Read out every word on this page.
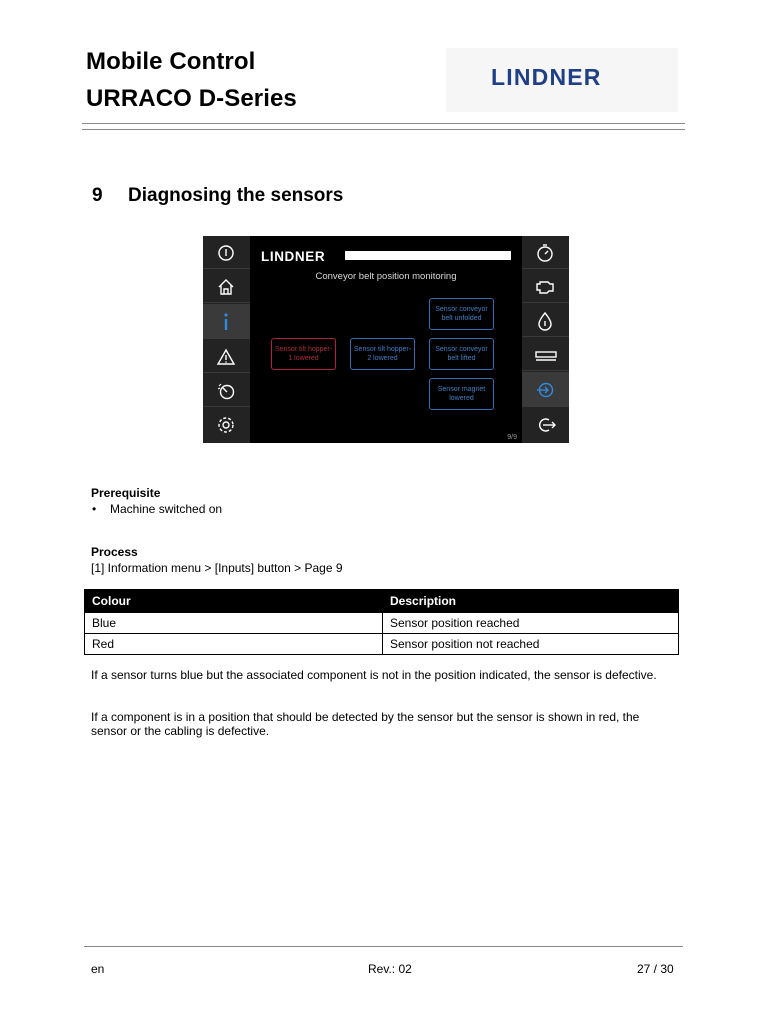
Mobile Control
URRACO D-Series
LINDNER
9 Diagnosing the sensors
LINDNER
Conveyor belt position monitoring
Sensor conveyor belt unfolded
Sensor tilt hopper-1 lowered
Sensor tilt hopper-2 lowered
Sensor conveyor belt lifted
Sensor magnet lowered
9/9
Prerequisite
• Machine switched on
Process
[1] Information menu > [Inputs] button > Page 9
Colour	Description
Blue	Sensor position reached
Red	Sensor position not reached
If a sensor turns blue but the associated component is not in the position indicated, the sensor is defective.
If a component is in a position that should be detected by the sensor but the sensor is shown in red, the sensor or the cabling is defective.
en	Rev.: 02	27 / 30
